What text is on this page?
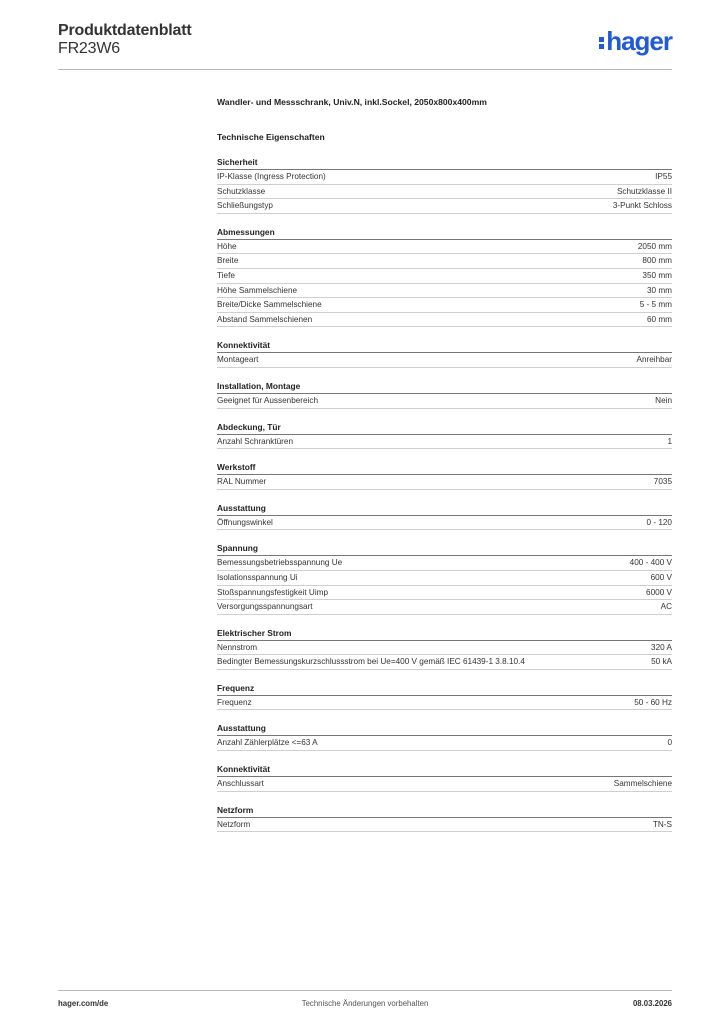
Produktdatenblatt
FR23W6	hager
Wandler- und Messschrank, Univ.N, inkl.Sockel, 2050x800x400mm
Technische Eigenschaften
Sicherheit
IP-Klasse (Ingress Protection)	IP55
Schutzklasse	Schutzklasse II
Schließungstyp	3-Punkt Schloss
Abmessungen
Höhe	2050 mm
Breite	800 mm
Tiefe	350 mm
Höhe Sammelschiene	30 mm
Breite/Dicke Sammelschiene	5 - 5 mm
Abstand Sammelschienen	60 mm
Konnektivität
Montageart	Anreihbar
Installation, Montage
Geeignet für Aussenbereich	Nein
Abdeckung, Tür
Anzahl Schranktüren	1
Werkstoff
RAL Nummer	7035
Ausstattung
Öffnungswinkel	0 - 120
Spannung
Bemessungsbetriebsspannung Ue	400 - 400 V
Isolationsspannung Ui	600 V
Stoßspannungsfestigkeit Uimp	6000 V
Versorgungsspannungsart	AC
Elektrischer Strom
Nennstrom	320 A
Bedingter Bemessungskurzschlussstrom bei Ue=400 V gemäß IEC 61439-1 3.8.10.4	50 kA
Frequenz
Frequenz	50 - 60 Hz
Ausstattung
Anzahl Zählerplätze <=63 A	0
Konnektivität
Anschlussart	Sammelschiene
Netzform
Netzform	TN-S
hager.com/de	Technische Änderungen vorbehalten	08.03.2026
